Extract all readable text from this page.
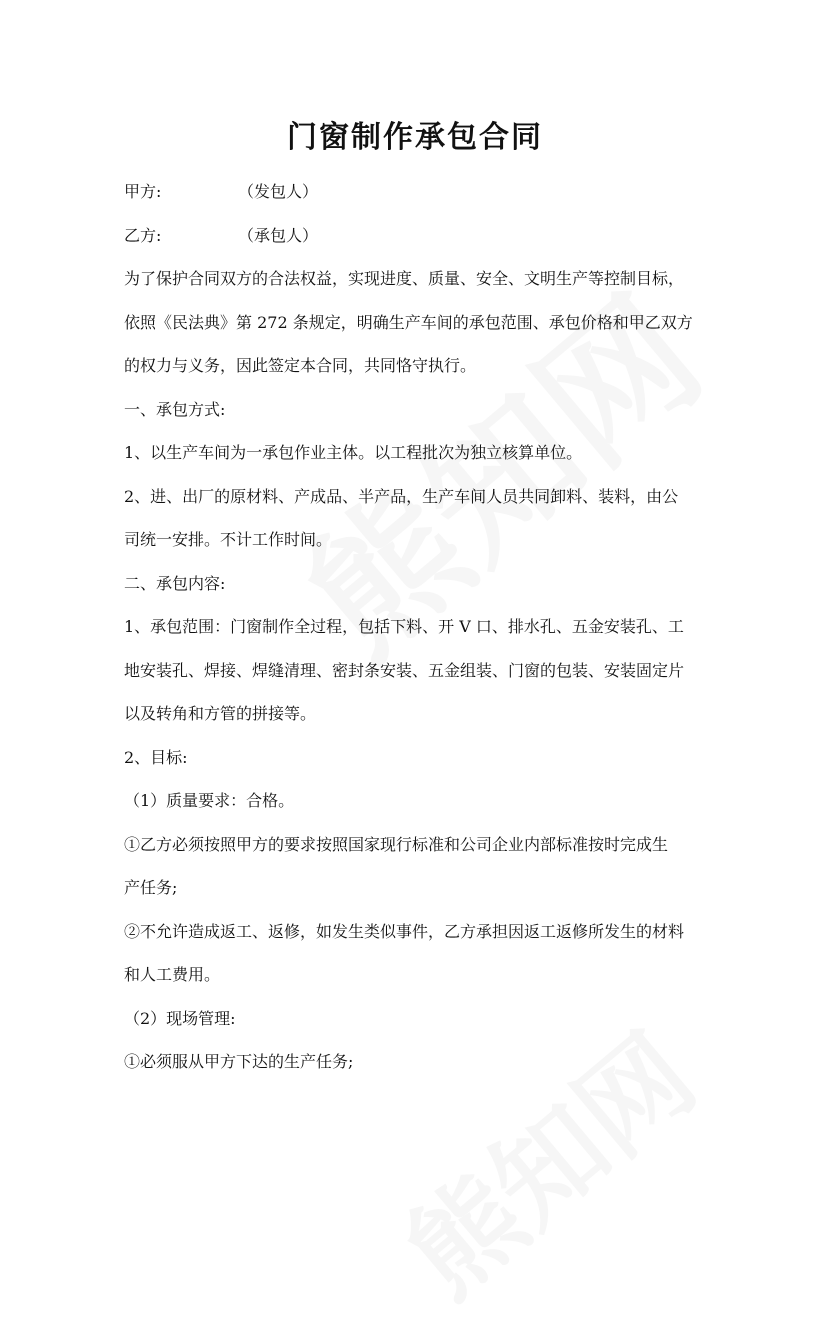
门窗制作承包合同
甲方:	（发包人）
乙方:	（承包人）
为了保护合同双方的合法权益，实现进度、质量、安全、文明生产等控制目标，
依照《民法典》第 272 条规定，明确生产车间的承包范围、承包价格和甲乙双方
的权力与义务，因此签定本合同，共同恪守执行。
一、承包方式:
1、以生产车间为一承包作业主体。以工程批次为独立核算单位。
2、进、出厂的原材料、产成品、半产品，生产车间人员共同卸料、装料，由公
司统一安排。不计工作时间。
二、承包内容:
1、承包范围：门窗制作全过程，包括下料、开 V 口、排水孔、五金安装孔、工
地安装孔、焊接、焊缝清理、密封条安装、五金组装、门窗的包装、安装固定片
以及转角和方管的拼接等。
2、目标:
（1）质量要求：合格。
①乙方必须按照甲方的要求按照国家现行标准和公司企业内部标准按时完成生
产任务;
②不允许造成返工、返修，如发生类似事件，乙方承担因返工返修所发生的材料
和人工费用。
（2）现场管理:
①必须服从甲方下达的生产任务;
